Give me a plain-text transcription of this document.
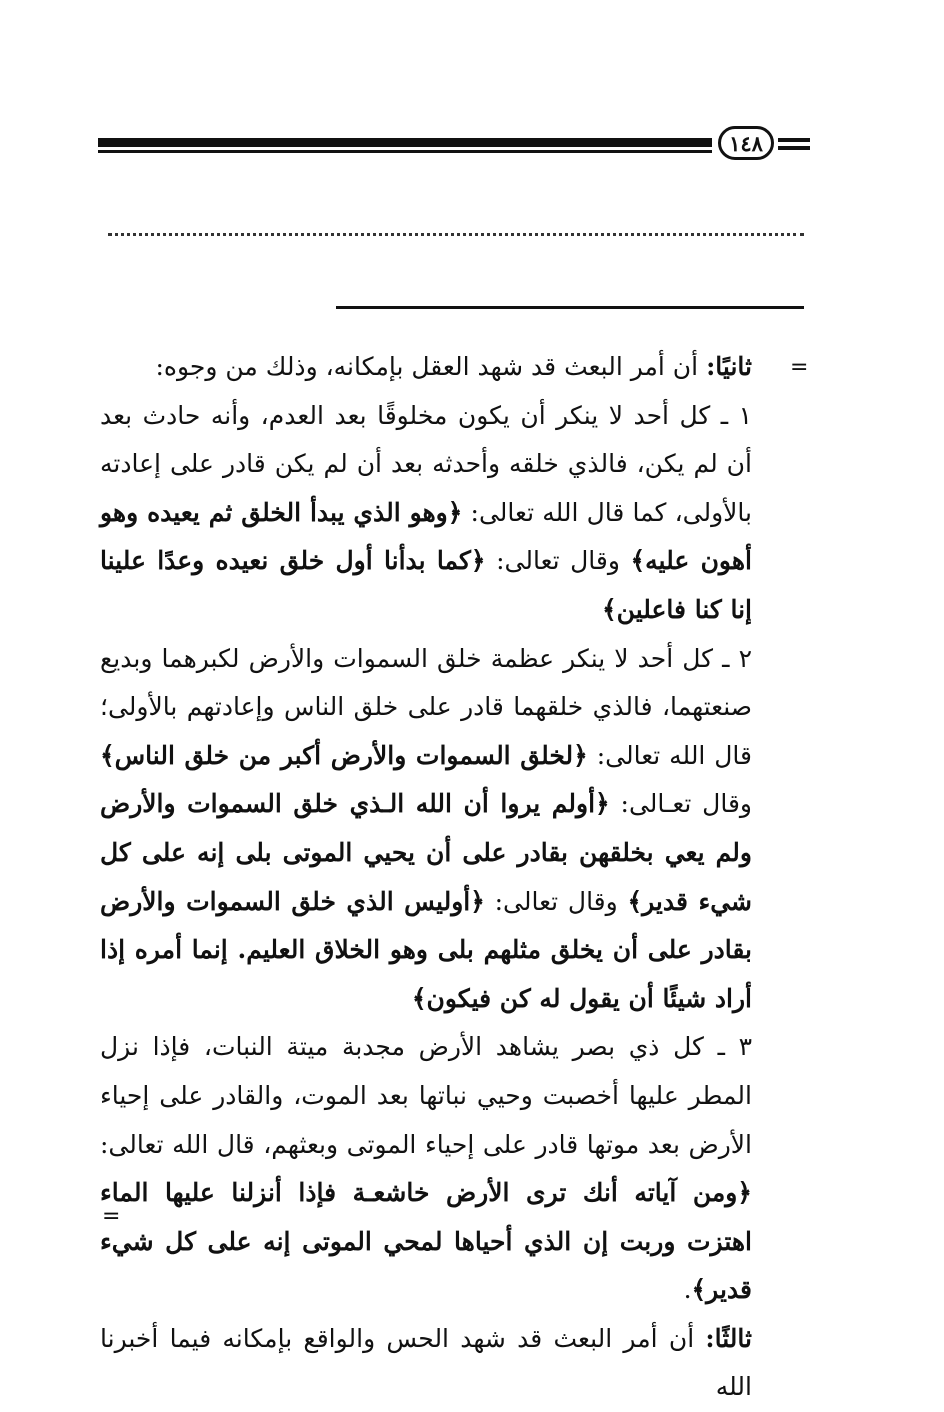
١٤٨
=

ثانيًا: أن أمر البعث قد شهد العقل بإمكانه، وذلك من وجوه:

١ ـ كل أحد لا ينكر أن يكون مخلوقًا بعد العدم، وأنه حادث بعد أن لم يكن، فالذي خلقه وأحدثه بعد أن لم يكن قادر على إعادته بالأولى، كما قال الله تعالى: ﴿وهو الذي يبدأ الخلق ثم يعيده وهو أهون عليه﴾ وقال تعالى: ﴿كما بدأنا أول خلق نعيده وعدًا علينا إنا كنا فاعلين﴾

٢ ـ كل أحد لا ينكر عظمة خلق السموات والأرض لكبرهما وبديع صنعتهما، فالذي خلقهما قادر على خلق الناس وإعادتهم بالأولى؛ قال الله تعالى: ﴿لخلق السموات والأرض أكبر من خلق الناس﴾ وقال تعـالى: ﴿أولم يروا أن الله الـذي خلق السموات والأرض ولم يعي بخلقهن بقادر على أن يحيي الموتى بلى إنه على كل شيء قدير﴾ وقال تعالى: ﴿أوليس الذي خلق السموات والأرض بقادر على أن يخلق مثلهم بلى وهو الخلاق العليم. إنما أمره إذا أراد شيئًا أن يقول له كن فيكون﴾

٣ ـ كل ذي بصر يشاهد الأرض مجدبة ميتة النبات، فإذا نزل المطر عليها أخصبت وحيي نباتها بعد الموت، والقادر على إحياء الأرض بعد موتها قادر على إحياء الموتى وبعثهم، قال الله تعالى: ﴿ومن آياته أنك ترى الأرض خاشعـة فإذا أنزلنا عليها الماء اهتزت وربت إن الذي أحياها لمحي الموتى إنه على كل شيء قدير﴾.

ثالثًا: أن أمر البعث قد شهد الحس والواقع بإمكانه فيما أخبرنا الله

=
